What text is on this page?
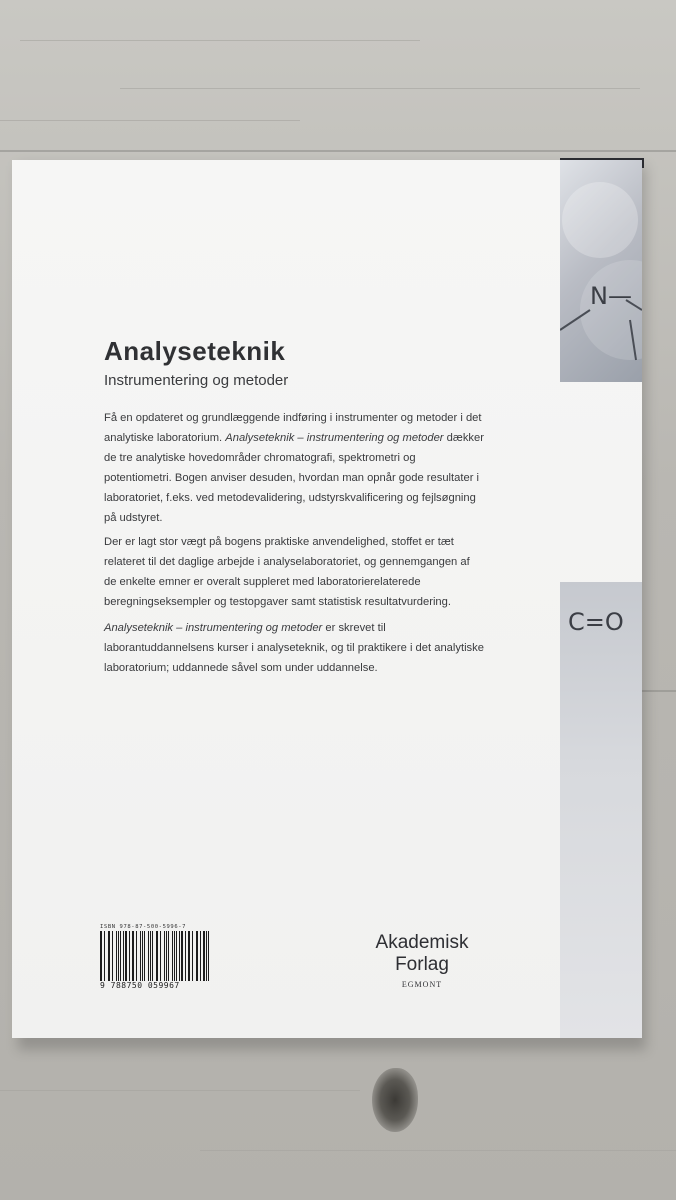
N—
C=O
Analyseteknik
Instrumentering og metoder

Få en opdateret og grundlæggende indføring i instrumenter og metoder i det analytiske laboratorium. Analyseteknik – instrumentering og metoder dækker de tre analytiske hovedområder chromatografi, spektrometri og potentiometri. Bogen anviser desuden, hvordan man opnår gode resultater i laboratoriet, f.eks. ved metodevalidering, udstyrskvalificering og fejlsøgning på udstyret.

Der er lagt stor vægt på bogens praktiske anvendelighed, stoffet er tæt relateret til det daglige arbejde i analyselaboratoriet, og gennemgangen af de enkelte emner er overalt suppleret med laboratorierelaterede beregningseksempler og testopgaver samt statistisk resultatvurdering.

Analyseteknik – instrumentering og metoder er skrevet til laborantuddannelsens kurser i analyseteknik, og til praktikere i det analytiske laboratorium; uddannede såvel som under uddannelse.

ISBN 978-87-500-5996-7
9 788750 059967
Akademisk
Forlag
EGMONT
